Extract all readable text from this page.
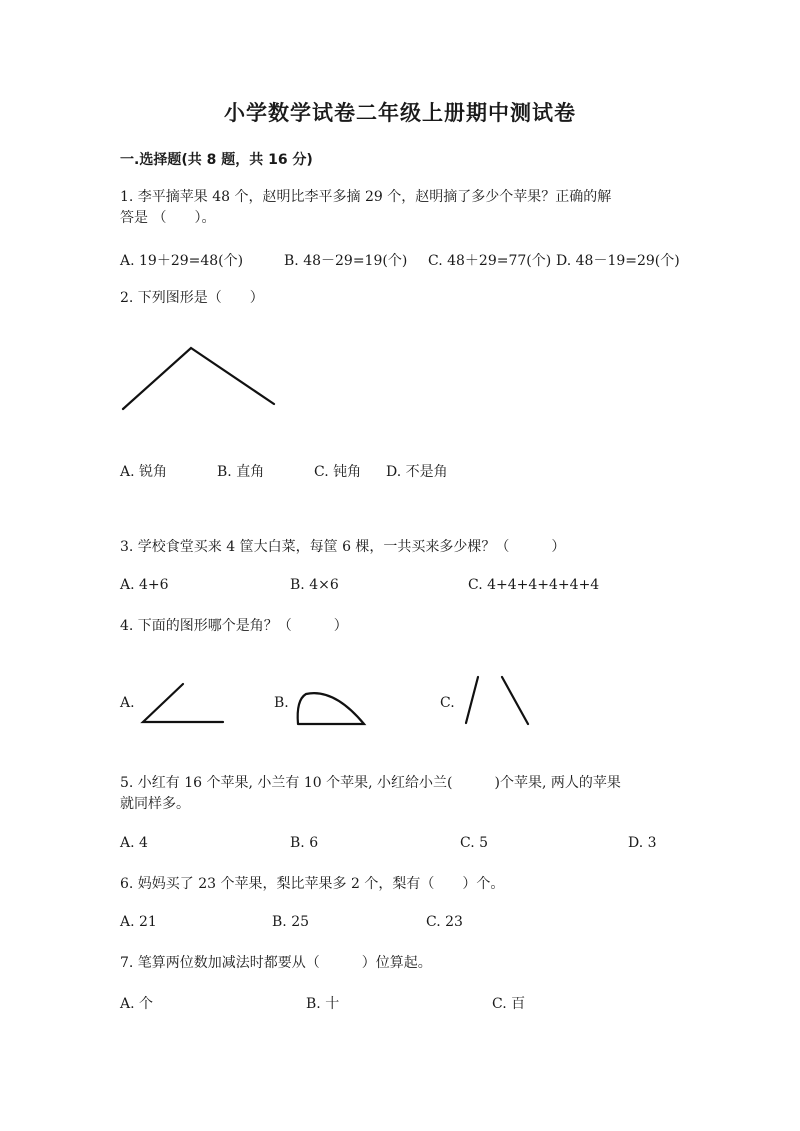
小学数学试卷二年级上册期中测试卷
一.选择题(共 8 题，共 16 分)
1. 李平摘苹果 48 个，赵明比李平多摘 29 个，赵明摘了多少个苹果？正确的解
答是 （　　）。
A. 19＋29=48(个)	B. 48－29=19(个) C. 48＋29=77(个) D. 48－19=29(个)
2. 下列图形是（　　）
A. 锐角	B. 直角	C. 钝角 D. 不是角
3. 学校食堂买来 4 筐大白菜，每筐 6 棵，一共买来多少棵？（　　　）
A. 4+6	B. 4×6	C. 4+4+4+4+4+4
4. 下面的图形哪个是角？（　　　）
A.	B.	C.
5. 小红有 16 个苹果, 小兰有 10 个苹果, 小红给小兰(　　　)个苹果, 两人的苹果
就同样多。
A. 4	B. 6	C. 5	D. 3
6. 妈妈买了 23 个苹果，梨比苹果多 2 个，梨有（　　）个。
A. 21	B. 25	C. 23
7. 笔算两位数加减法时都要从（　　　）位算起。
A. 个	B. 十	C. 百
